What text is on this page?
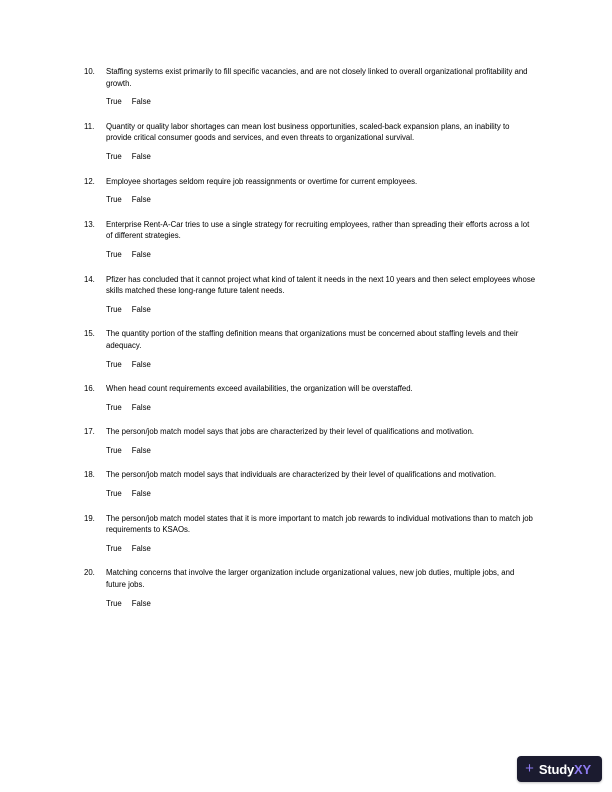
10.	Staffing systems exist primarily to fill specific vacancies, and are not closely linked to overall organizational profitability and growth.
True False
11.	Quantity or quality labor shortages can mean lost business opportunities, scaled-back expansion plans, an inability to provide critical consumer goods and services, and even threats to organizational survival.
True False
12.	Employee shortages seldom require job reassignments or overtime for current employees.
True False
13.	Enterprise Rent-A-Car tries to use a single strategy for recruiting employees, rather than spreading their efforts across a lot of different strategies.
True False
14.	Pfizer has concluded that it cannot project what kind of talent it needs in the next 10 years and then select employees whose skills matched these long-range future talent needs.
True False
15.	The quantity portion of the staffing definition means that organizations must be concerned about staffing levels and their adequacy.
True False
16.	When head count requirements exceed availabilities, the organization will be overstaffed.
True False
17.	The person/job match model says that jobs are characterized by their level of qualifications and motivation.
True False
18.	The person/job match model says that individuals are characterized by their level of qualifications and motivation.
True False
19.	The person/job match model states that it is more important to match job rewards to individual motivations than to match job requirements to KSAOs.
True False
20.	Matching concerns that involve the larger organization include organizational values, new job duties, multiple jobs, and future jobs.
True False
+ StudyXY
